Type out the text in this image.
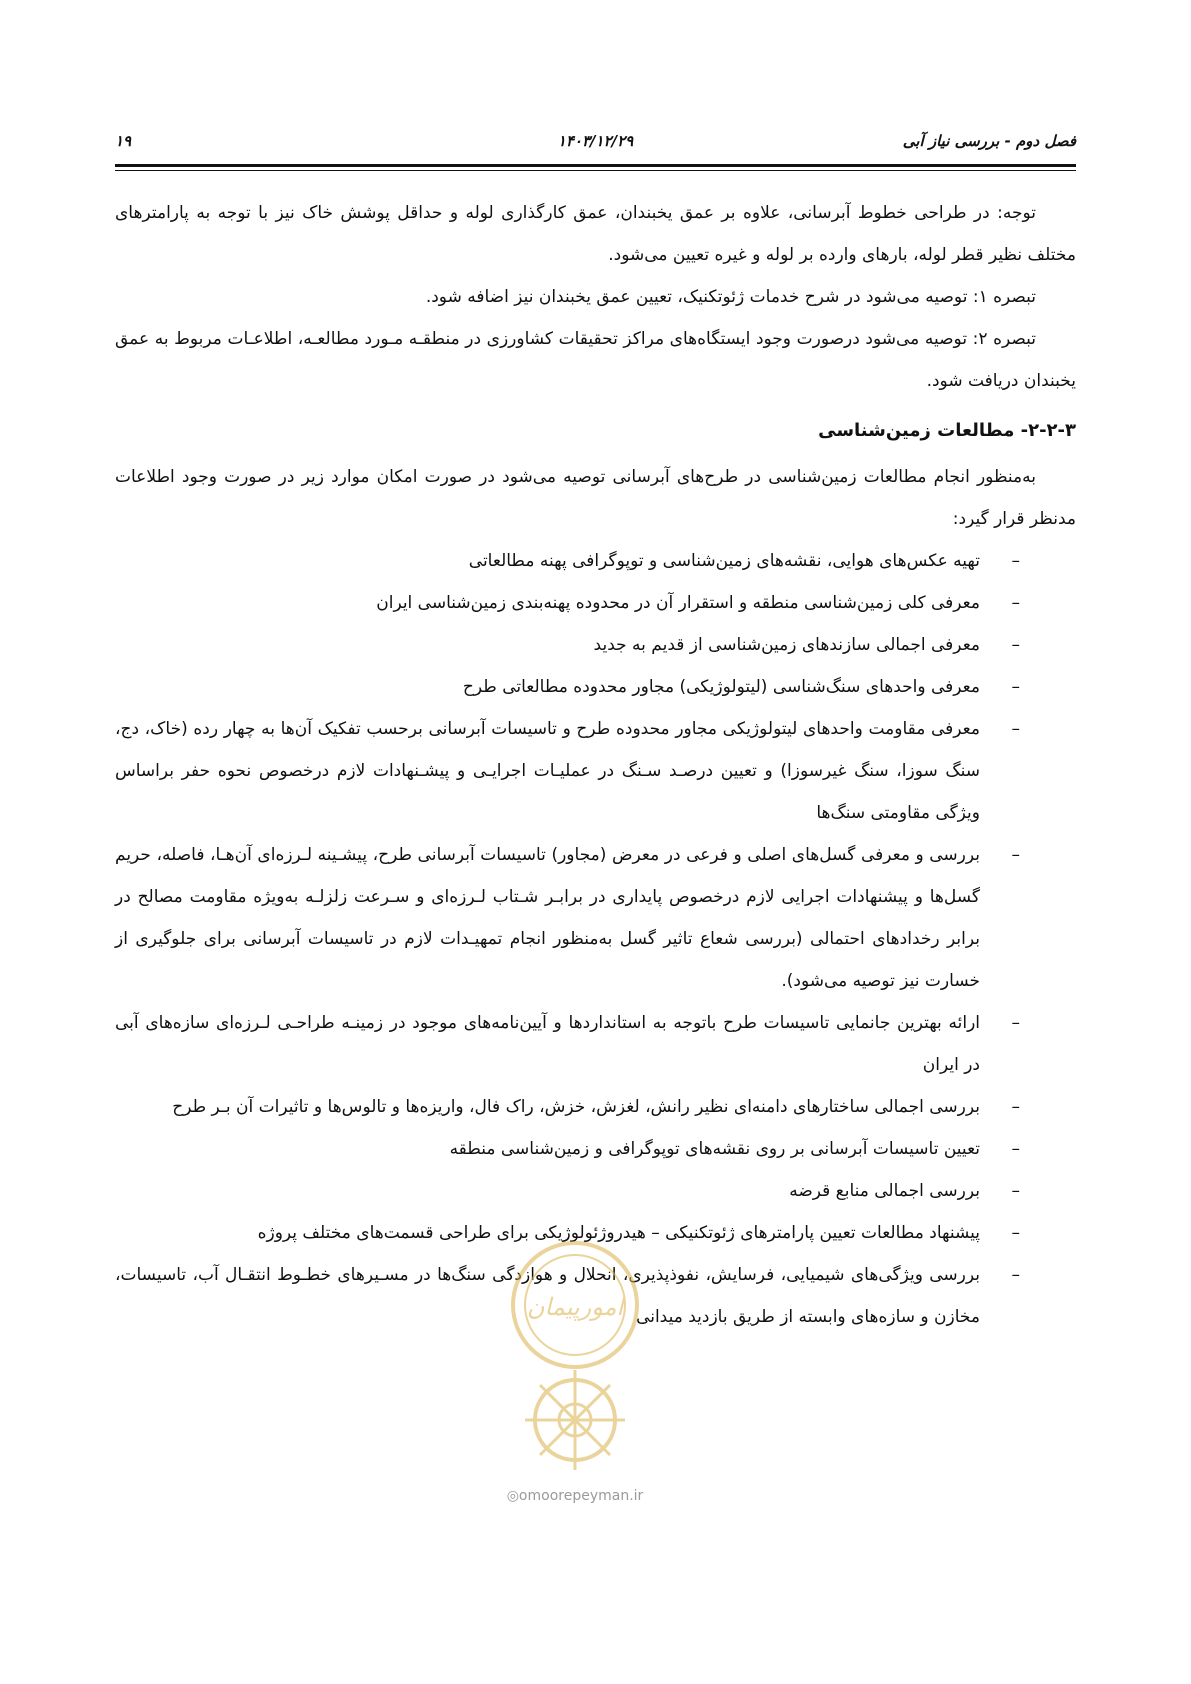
۱۹	۱۴۰۳/۱۲/۲۹	فصل دوم - بررسی نیاز آبی

توجه: در طراحی خطوط آبرسانی، علاوه بر عمق یخبندان، عمق کارگذاری لوله و حداقل پوشش خاک نیز با توجه به پارامترهای مختلف نظیر قطر لوله، بارهای وارده بر لوله و غیره تعیین می‌شود.

تبصره ۱: توصیه می‌شود در شرح خدمات ژئوتکنیک، تعیین عمق یخبندان نیز اضافه شود.

تبصره ۲: توصیه می‌شود درصورت وجود ایستگاه‌های مراکز تحقیقات کشاورزی در منطقـه مـورد مطالعـه، اطلاعـات مربوط به عمق یخبندان دریافت شود.

۲-۲-۳- مطالعات زمین‌شناسی

به‌منظور انجام مطالعات زمین‌شناسی در طرح‌های آبرسانی توصیه می‌شود در صورت امکان موارد زیر در صورت وجود اطلاعات مدنظر قرار گیرد:

–
تهیه عکس‌های هوایی، نقشه‌های زمین‌شناسی و توپوگرافی پهنه مطالعاتی
–
معرفی کلی زمین‌شناسی منطقه و استقرار آن در محدوده پهنه‌بندی زمین‌شناسی ایران
–
معرفی اجمالی سازندهای زمین‌شناسی از قدیم به جدید
–
معرفی واحدهای سنگ‌شناسی (لیتولوژیکی) مجاور محدوده مطالعاتی طرح
–
معرفی مقاومت واحدهای لیتولوژیکی مجاور محدوده طرح و تاسیسات آبرسانی برحسب تفکیک آن‌ها به چهار رده (خاک، دج، سنگ سوزا، سنگ غیرسوزا) و تعیین درصـد سـنگ در عملیـات اجرایـی و پیشـنهادات لازم درخصوص نحوه حفر براساس ویژگی مقاومتی سنگ‌ها
–
بررسی و معرفی گسل‌های اصلی و فرعی در معرض (مجاور) تاسیسات آبرسانی طرح، پیشـینه لـرزه‌ای آن‌هـا، فاصله، حریم گسل‌ها و پیشنهادات اجرایی لازم درخصوص پایداری در برابـر شـتاب لـرزه‌ای و سـرعت زلزلـه به‌ویژه مقاومت مصالح در برابر رخدادهای احتمالی (بررسی شعاع تاثیر گسل به‌منظور انجام تمهیـدات لازم در تاسیسات آبرسانی برای جلوگیری از خسارت نیز توصیه می‌شود).
–
ارائه بهترین جانمایی تاسیسات طرح باتوجه به استانداردها و آیین‌نامه‌های موجود در زمینـه طراحـی لـرزه‌ای سازه‌های آبی در ایران
–
بررسی اجمالی ساختارهای دامنه‌ای نظیر رانش، لغزش، خزش، راک فال، واریزه‌ها و تالوس‌ها و تاثیرات آن بـر طرح
–
تعیین تاسیسات آبرسانی بر روی نقشه‌های توپوگرافی و زمین‌شناسی منطقه
–
بررسی اجمالی منابع قرضه
–
پیشنهاد مطالعات تعیین پارامترهای ژئوتکنیکی – هیدروژئولوژیکی برای طراحی قسمت‌های مختلف پروژه
–
بررسی ویژگی‌های شیمیایی، فرسایش، نفوذپذیری، انحلال و هوازدگی سنگ‌ها در مسـیرهای خطـوط انتقـال آب، تاسیسات، مخازن و سازه‌های وابسته از طریق بازدید میدانی
امورپیمان
◎omoorepeyman.ir
